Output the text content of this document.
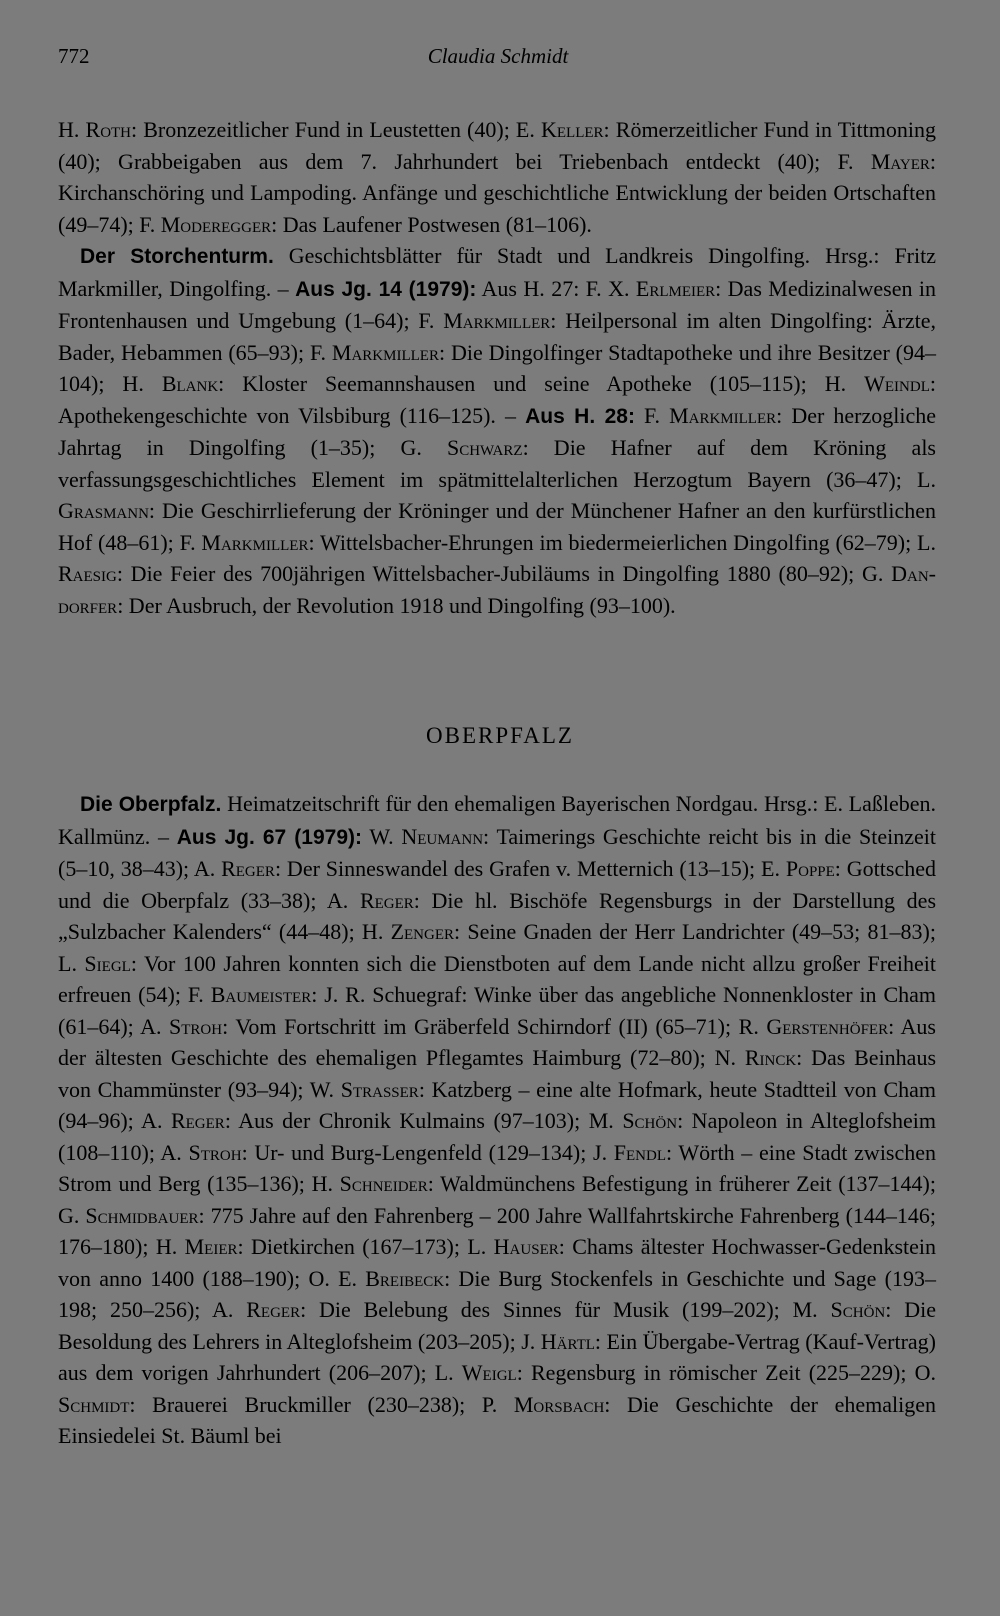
772	Claudia Schmidt

H. Roth: Bronzezeitlicher Fund in Leustetten (40); E. Keller: Römerzeitlicher Fund in Tittmoning (40); Grabbeigaben aus dem 7. Jahrhundert bei Triebenbach entdeckt (40); F. Mayer: Kirchanschöring und Lampoding. Anfänge und geschichtliche Entwicklung der beiden Ortschaften (49–74); F. Moderegger: Das Laufener Postwesen (81–106).

Der Storchenturm. Geschichtsblätter für Stadt und Landkreis Dingolfing. Hrsg.: Fritz Markmiller, Dingolfing. – Aus Jg. 14 (1979): Aus H. 27: F. X. Erlmeier: Das Medizinalwesen in Frontenhausen und Umgebung (1–64); F. Markmiller: Heilpersonal im alten Dingolfing: Ärzte, Bader, Hebammen (65–93); F. Markmiller: Die Dingolfinger Stadtapotheke und ihre Besitzer (94–104); H. Blank: Kloster Seemannshausen und seine Apotheke (105–115); H. Weindl: Apothekengeschichte von Vilsbiburg (116–125). – Aus H. 28: F. Markmiller: Der herzogliche Jahrtag in Dingolfing (1–35); G. Schwarz: Die Hafner auf dem Kröning als verfassungsgeschichtliches Element im spätmittelalterlichen Herzogtum Bayern (36–47); L. Grasmann: Die Geschirrlieferung der Kröninger und der Münchener Hafner an den kurfürstlichen Hof (48–61); F. Markmiller: Wittelsbacher-Ehrungen im biedermeierlichen Dingolfing (62–79); L. Raesig: Die Feier des 700jährigen Wittelsbacher-Jubiläums in Dingolfing 1880 (80–92); G. Dandorfer: Der Ausbruch, der Revolution 1918 und Dingolfing (93–100).

OBERPFALZ

Die Oberpfalz. Heimatzeitschrift für den ehemaligen Bayerischen Nordgau. Hrsg.: E. Laßleben. Kallmünz. – Aus Jg. 67 (1979): W. Neumann: Taimerings Geschichte reicht bis in die Steinzeit (5–10, 38–43); A. Reger: Der Sinneswandel des Grafen v. Metternich (13–15); E. Poppe: Gottsched und die Oberpfalz (33–38); A. Reger: Die hl. Bischöfe Regensburgs in der Darstellung des „Sulzbacher Kalenders“ (44–48); H. Zenger: Seine Gnaden der Herr Landrichter (49–53; 81–83); L. Siegl: Vor 100 Jahren konnten sich die Dienstboten auf dem Lande nicht allzu großer Freiheit erfreuen (54); F. Baumeister: J. R. Schuegraf: Winke über das angebliche Nonnenkloster in Cham (61–64); A. Stroh: Vom Fortschritt im Gräberfeld Schirndorf (II) (65–71); R. Gerstenhöfer: Aus der ältesten Geschichte des ehemaligen Pflegamtes Haimburg (72–80); N. Rinck: Das Beinhaus von Chammünster (93–94); W. Strasser: Katzberg – eine alte Hofmark, heute Stadtteil von Cham (94–96); A. Reger: Aus der Chronik Kulmains (97–103); M. Schön: Napoleon in Alteglofsheim (108–110); A. Stroh: Ur- und Burg-Lengenfeld (129–134); J. Fendl: Wörth – eine Stadt zwischen Strom und Berg (135–136); H. Schneider: Waldmünchens Befestigung in früherer Zeit (137–144); G. Schmidbauer: 775 Jahre auf den Fahrenberg – 200 Jahre Wallfahrtskirche Fahrenberg (144–146; 176–180); H. Meier: Dietkirchen (167–173); L. Hauser: Chams ältester Hochwasser-Gedenkstein von anno 1400 (188–190); O. E. Breibeck: Die Burg Stockenfels in Geschichte und Sage (193–198; 250–256); A. Reger: Die Belebung des Sinnes für Musik (199–202); M. Schön: Die Besoldung des Lehrers in Alteglofsheim (203–205); J. Härtl: Ein Übergabe-Vertrag (Kauf-Vertrag) aus dem vorigen Jahrhundert (206–207); L. Weigl: Regensburg in römischer Zeit (225–229); O. Schmidt: Brauerei Bruckmiller (230–238); P. Morsbach: Die Geschichte der ehemaligen Einsiedelei St. Bäuml bei
